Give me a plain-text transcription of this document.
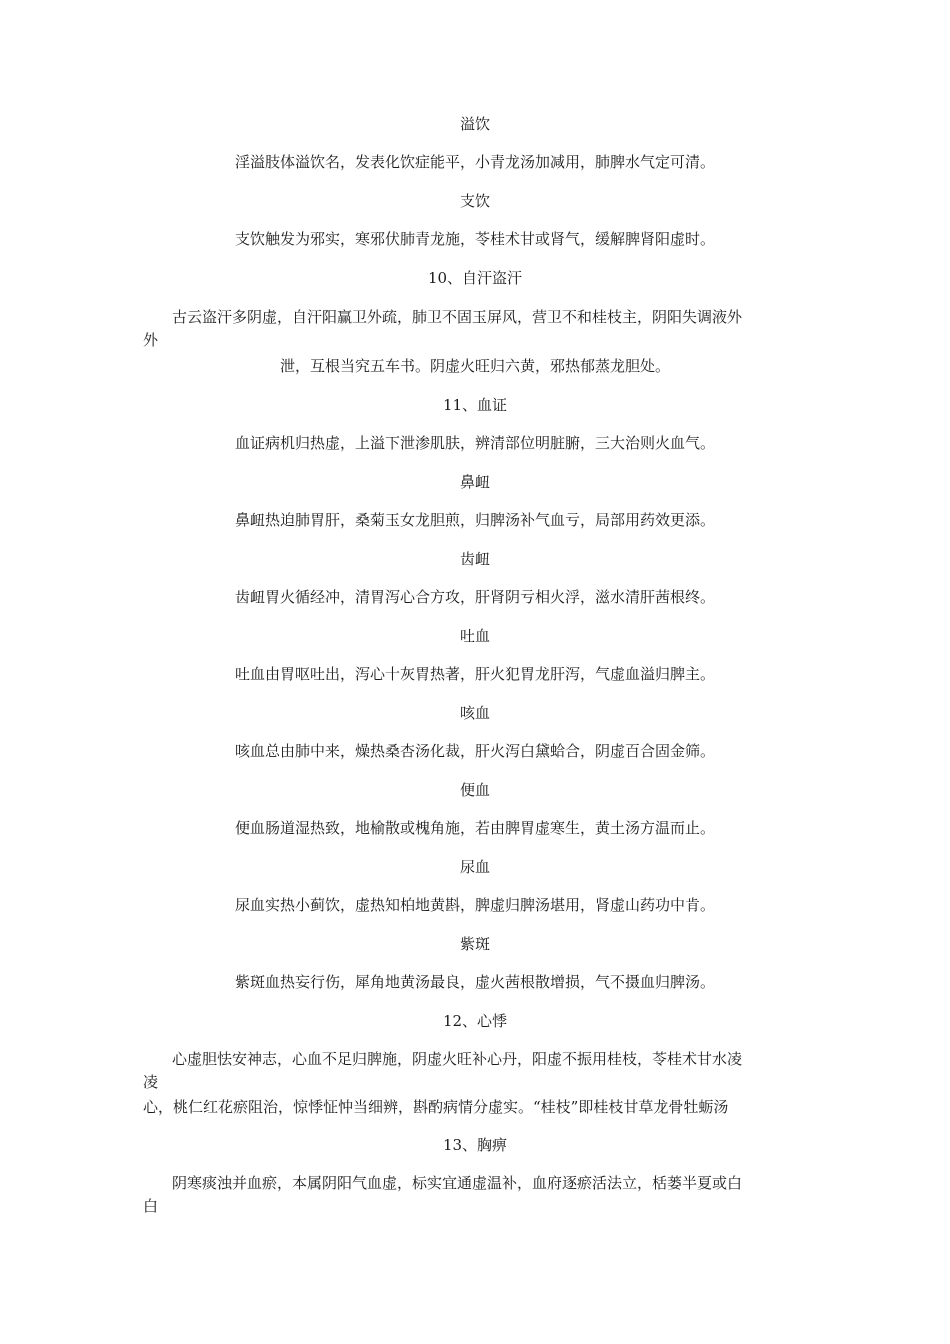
溢饮
淫溢肢体溢饮名，发表化饮症能平，小青龙汤加减用，肺脾水气定可清。
支饮
支饮触发为邪实，寒邪伏肺青龙施，苓桂术甘或肾气，缓解脾肾阳虚时。
10、自汗盗汗
古云盗汗多阴虚，自汗阳赢卫外疏，肺卫不固玉屏风，营卫不和桂枝主，阴阳失调液外
外
泄，互根当究五车书。阴虚火旺归六黄，邪热郁蒸龙胆处。
11、血证
血证病机归热虚，上溢下泄渗肌肤，辨清部位明脏腑，三大治则火血气。
鼻衄
鼻衄热迫肺胃肝，桑菊玉女龙胆煎，归脾汤补气血亏，局部用药效更添。
齿衄
齿衄胃火循经冲，清胃泻心合方攻，肝肾阴亏相火浮，滋水清肝茜根终。
吐血
吐血由胃呕吐出，泻心十灰胃热著，肝火犯胃龙肝泻，气虚血溢归脾主。
咳血
咳血总由肺中来，燥热桑杏汤化裁，肝火泻白黛蛤合，阴虚百合固金筛。
便血
便血肠道湿热致，地榆散或槐角施，若由脾胃虚寒生，黄土汤方温而止。
尿血
尿血实热小蓟饮，虚热知柏地黄斟，脾虚归脾汤堪用，肾虚山药功中肯。
紫斑
紫斑血热妄行伤，犀角地黄汤最良，虚火茜根散增损，气不摄血归脾汤。
12、心悸
心虚胆怯安神志，心血不足归脾施，阴虚火旺补心丹，阳虚不振用桂枝，苓桂术甘水凌
凌
心，桃仁红花瘀阻治，惊悸怔忡当细辨，斟酌病情分虚实。“桂枝”即桂枝甘草龙骨牡蛎汤
13、胸痹
阴寒痰浊并血瘀，本属阴阳气血虚，标实宜通虚温补，血府逐瘀活法立，栝蒌半夏或白
白
